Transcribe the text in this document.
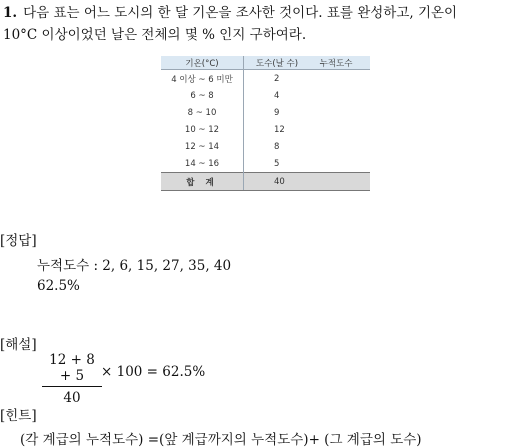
1. 다음 표는 어느 도시의 한 달 기온을 조사한 것이다. 표를 완성하고, 기온이
10°C 이상이었던 날은 전체의 몇 % 인지 구하여라.
기온(°C)	도수(날 수) 누적도수
4 이상 ~ 6 미만	2
6 ~ 8	4
8 ~ 10	9
10 ~ 12	12
12 ~ 14	8
14 ~ 16	5
합 계	40
[정답]
누적도수 : 2, 6, 15, 27, 35, 40
62.5%
[해설]
12 + 8 + 5
40
× 100 = 62.5%
[힌트]
(각 계급의 누적도수) =(앞 계급까지의 누적도수)+ (그 계급의 도수)
